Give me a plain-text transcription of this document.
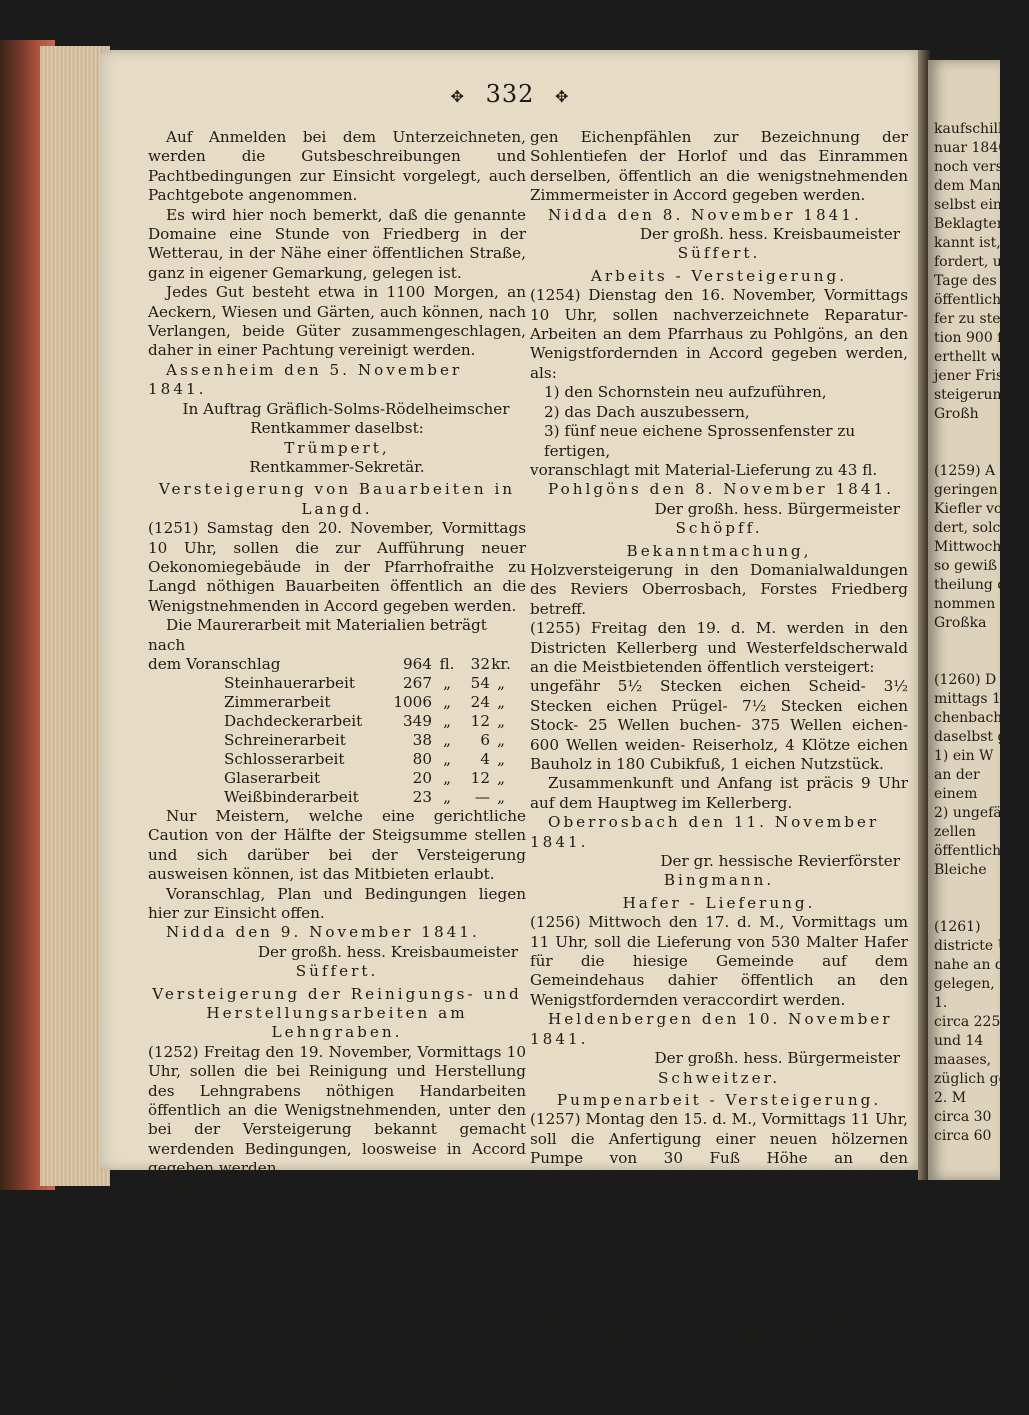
✥ 332 ✥

Auf Anmelden bei dem Unterzeichneten, werden die Gutsbeschreibungen und Pachtbedingungen zur Einsicht vorgelegt, auch Pachtgebote angenommen.

Es wird hier noch bemerkt, daß die genannte Domaine eine Stunde von Friedberg in der Wetterau, in der Nähe einer öffentlichen Straße, ganz in eigener Gemarkung, gelegen ist.

Jedes Gut besteht etwa in 1100 Morgen, an Aeckern, Wiesen und Gärten, auch können, nach Verlangen, beide Güter zusammengeschlagen, daher in einer Pachtung vereinigt werden.

Assenheim den 5. November 1841.

In Auftrag Gräflich-Solms-Rödelheimscher Rentkammer daselbst:

Trümpert,

Rentkammer-Sekretär.

Versteigerung von Bauarbeiten in Langd.

(1251) Samstag den 20. November, Vormittags 10 Uhr, sollen die zur Aufführung neuer Oekonomiegebäude in der Pfarrhofraithe zu Langd nöthigen Bauarbeiten öffentlich an die Wenigstnehmenden in Accord gegeben werden.

Die Maurerarbeit mit Materialien beträgt nach

dem Voranschlag	964	fl.	32	kr.
Steinhauerarbeit	267	„	54	„
Zimmerarbeit	1006	„	24	„
Dachdeckerarbeit	349	„	12	„
Schreinerarbeit	38	„	6	„
Schlosserarbeit	80	„	4	„
Glaserarbeit	20	„	12	„
Weißbinderarbeit	23	„	—	„

Nur Meistern, welche eine gerichtliche Caution von der Hälfte der Steigsumme stellen und sich darüber bei der Versteigerung ausweisen können, ist das Mitbieten erlaubt.

Voranschlag, Plan und Bedingungen liegen hier zur Einsicht offen.

Nidda den 9. November 1841.

Der großh. hess. Kreisbaumeister

Süffert.

Versteigerung der Reinigungs- und Herstellungsarbeiten am Lehngraben.

(1252) Freitag den 19. November, Vormittags 10 Uhr, sollen die bei Reinigung und Herstellung des Lehngrabens nöthigen Handarbeiten öffentlich an die Wenigstnehmenden, unter den bei der Versteigerung bekannt gemacht werdenden Bedingungen, loosweise in Accord gegeben werden.

Die Versteigerung beginnt am Ende des Lehngrabens, in der Nähe des Schwalheimer Hofes.

Nidda den 8. November 1841.

Der großh. hess. Kreisbaumeister

Süffert.

Lieferung von 250 Stück Eichenpfählen an die Horlof.

(1253) Freitag den 19. November, Nachmittags 3 Uhr, soll an dem Schwalheimer Hofe die Lieferung von acht und acht Zoll starken, zehn Fuß lan-

gen Eichenpfählen zur Bezeichnung der Sohlentiefen der Horlof und das Einrammen derselben, öffentlich an die wenigstnehmenden Zimmermeister in Accord gegeben werden.

Nidda den 8. November 1841.

Der großh. hess. Kreisbaumeister

Süffert.

Arbeits - Versteigerung.

(1254) Dienstag den 16. November, Vormittags 10 Uhr, sollen nachverzeichnete Reparatur-Arbeiten an dem Pfarrhaus zu Pohlgöns, an den Wenigstfordernden in Accord gegeben werden, als:

1) den Schornstein neu aufzuführen,

2) das Dach auszubessern,

3) fünf neue eichene Sprossenfenster zu fertigen,

voranschlagt mit Material-Lieferung zu 43 fl.

Pohlgöns den 8. November 1841.

Der großh. hess. Bürgermeister

Schöpff.

Bekanntmachung,

Holzversteigerung in den Domanialwaldungen des Reviers Oberrosbach, Forstes Friedberg betreff.

(1255) Freitag den 19. d. M. werden in den Districten Kellerberg und Westerfeldscherwald an die Meistbietenden öffentlich versteigert:

ungefähr 5½ Stecken eichen Scheid- 3½ Stecken eichen Prügel- 7½ Stecken eichen Stock- 25 Wellen buchen- 375 Wellen eichen- 600 Wellen weiden- Reiserholz, 4 Klötze eichen Bauholz in 180 Cubikfuß, 1 eichen Nutzstück.

Zusammenkunft und Anfang ist präcis 9 Uhr auf dem Hauptweg im Kellerberg.

Oberrosbach den 11. November 1841.

Der gr. hessische Revierförster

Bingmann.

Hafer - Lieferung.

(1256) Mittwoch den 17. d. M., Vormittags um 11 Uhr, soll die Lieferung von 530 Malter Hafer für die hiesige Gemeinde auf dem Gemeindehaus dahier öffentlich an den Wenigstfordernden veraccordirt werden.

Heldenbergen den 10. November 1841.

Der großh. hess. Bürgermeister

Schweitzer.

Pumpenarbeit - Versteigerung.

(1257) Montag den 15. d. M., Vormittags 11 Uhr, soll die Anfertigung einer neuen hölzernen Pumpe von 30 Fuß Höhe an den Wenigstnehmenden in Accord gegeben werden.

Ilbenstadt den 11. November 1841.

Der großh. hess. Bürgermeister

Dickenberger.

Oeffentliche Aufforderung.

(1258) In der Sache des Präceptor Musch zu Büdesheim, als Curator der Concursmasse des Georg Seum zu Rendel, Kläger, gegen Kaspar Scheurich, ledig zu Kloppenheim, Beklagten, Hauskaufschilling betreffend, ist die Hofraithe, wofür der Beklagte den

kaufschilling
nuar 1840
noch versch
dem Mang
selbst ein G
Beklagter
kannt ist,
fordert, um
Tage des e
öffentlichen
fer zu stelle
tion 900 f
erthellt we
jener Frist
steigerung
Großh

(1259) A
geringen Re
Kiefler von
dert, solche
Mittwoch de
so gewiß da
theilung des
nommen wir
Großka

(1260) D
mittags 10
chenbach die
daselbst geh
1) ein W
an der
einem
2) ungefä
zellen
öffentlich u
Bleiche

(1261)
districte U
nahe an d
gelegen, so
1.
circa 225
und 14
maases,
züglich ge
2. M
circa 30
circa 60
